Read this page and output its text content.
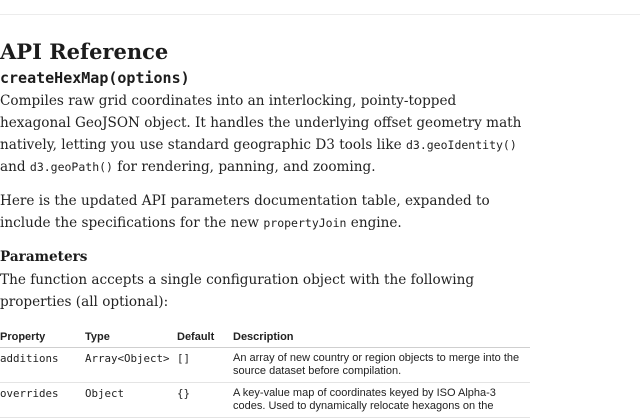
API Reference
createHexMap(options)

Compiles raw grid coordinates into an interlocking, pointy-topped hexagonal GeoJSON object. It handles the underlying offset geometry math natively, letting you use standard geographic D3 tools like d3.geoIdentity() and d3.geoPath() for rendering, panning, and zooming.

Here is the updated API parameters documentation table, expanded to include the specifications for the new propertyJoin engine.

Parameters

The function accepts a single configuration object with the following properties (all optional):

Property	Type	Default	Description
additions	Array<Object>	[]	An array of new country or region objects to merge into the source dataset before compilation.
overrides	Object	{}	A key-value map of coordinates keyed by ISO Alpha-3 codes. Used to dynamically relocate hexagons on the
